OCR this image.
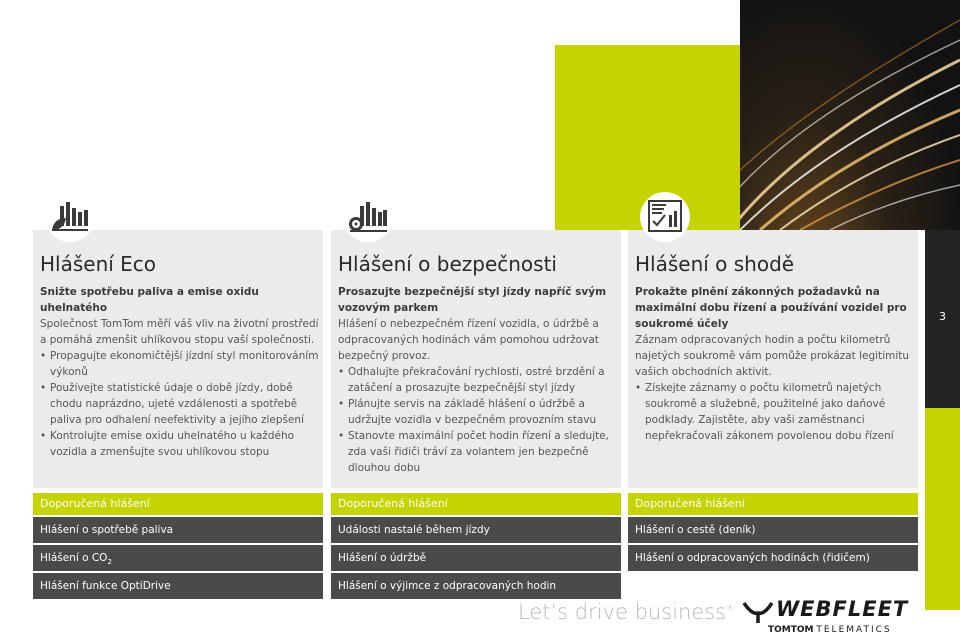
3
Hlášení Eco
Snižte spotřebu paliva a emise oxidu uhelnatého
Společnost TomTom měří váš vliv na životní prostředí a pomáhá zmenšit uhlíkovou stopu vaší společnosti.
• Propagujte ekonomičtější jízdní styl monitorováním výkonů
• Používejte statistické údaje o době jízdy, době chodu naprázdno, ujeté vzdálenosti a spotřebě paliva pro odhalení neefektivity a jejího zlepšení
• Kontrolujte emise oxidu uhelnatého u každého vozidla a zmenšujte svou uhlíkovou stopu
Hlášení o bezpečnosti
Prosazujte bezpečnější styl jízdy napříč svým vozovým parkem
Hlášení o nebezpečném řízení vozidla, o údržbě a odpracovaných hodinách vám pomohou udržovat bezpečný provoz.
• Odhalujte překračování rychlosti, ostré brzdění a zatáčení a prosazujte bezpečnější styl jízdy
• Plánujte servis na základě hlášení o údržbě a udržujte vozidla v bezpečném provozním stavu
• Stanovte maximální počet hodin řízení a sledujte, zda vaši řidiči tráví za volantem jen bezpečně dlouhou dobu
Hlášení o shodě
Prokažte plnění zákonných požadavků na maximální dobu řízení a používání vozidel pro soukromé účely
Záznam odpracovaných hodin a počtu kilometrů najetých soukromě vám pomůže prokázat legitimitu vašich obchodních aktivit.
• Získejte záznamy o počtu kilometrů najetých soukromě a služebně, použitelné jako daňové podklady. Zajistěte, aby vaši zaměstnanci nepřekračovali zákonem povolenou dobu řízení
Doporučená hlášení
Hlášení o spotřebě paliva
Hlášení o $CO_2$
Hlášení funkce OptiDrive
Doporučená hlášení
Události nastalé během jízdy
Hlášení o údržbě
Hlášení o výjimce z odpracovaných hodin
Doporučená hlášení
Hlášení o cestě (deník)
Hlášení o odpracovaných hodinách (řidičem)
Let’s drive business® WEBFLEET
TOMTOM TELEMATICS
